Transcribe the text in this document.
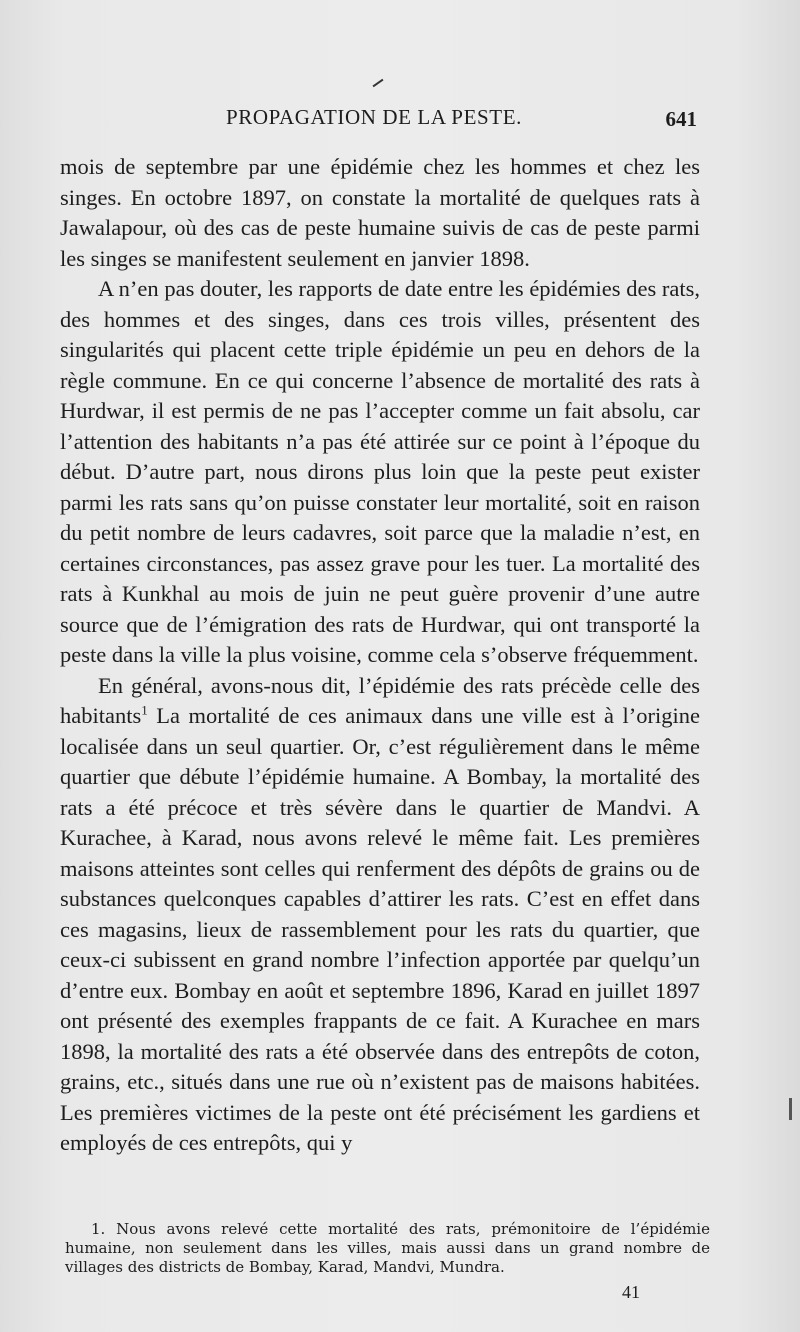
PROPAGATION DE LA PESTE.	641

mois de septembre par une épidémie chez les hommes et chez les singes. En octobre 1897, on constate la mortalité de quelques rats à Jawalapour, où des cas de peste humaine suivis de cas de peste parmi les singes se manifestent seulement en janvier 1898.

A n’en pas douter, les rapports de date entre les épidémies des rats, des hommes et des singes, dans ces trois villes, présentent des singularités qui placent cette triple épidémie un peu en dehors de la règle commune. En ce qui concerne l’absence de mortalité des rats à Hurdwar, il est permis de ne pas l’accepter comme un fait absolu, car l’attention des habitants n’a pas été attirée sur ce point à l’époque du début. D’autre part, nous dirons plus loin que la peste peut exister parmi les rats sans qu’on puisse constater leur mortalité, soit en raison du petit nombre de leurs cadavres, soit parce que la maladie n’est, en certaines circonstances, pas assez grave pour les tuer. La mortalité des rats à Kunkhal au mois de juin ne peut guère provenir d’une autre source que de l’émigration des rats de Hurdwar, qui ont transporté la peste dans la ville la plus voisine, comme cela s’observe fréquemment.

En général, avons-nous dit, l’épidémie des rats précède celle des habitants$^1$ La mortalité de ces animaux dans une ville est à l’origine localisée dans un seul quartier. Or, c’est régulièrement dans le même quartier que débute l’épidémie humaine. A Bombay, la mortalité des rats a été précoce et très sévère dans le quartier de Mandvi. A Kurachee, à Karad, nous avons relevé le même fait. Les premières maisons atteintes sont celles qui renferment des dépôts de grains ou de substances quelconques capables d’attirer les rats. C’est en effet dans ces magasins, lieux de rassemblement pour les rats du quartier, que ceux-ci subissent en grand nombre l’infection apportée par quelqu’un d’entre eux. Bombay en août et septembre 1896, Karad en juillet 1897 ont présenté des exemples frappants de ce fait. A Kurachee en mars 1898, la mortalité des rats a été observée dans des entrepôts de coton, grains, etc., situés dans une rue où n’existent pas de maisons habitées. Les premières victimes de la peste ont été précisément les gardiens et employés de ces entrepôts, qui y

1. Nous avons relevé cette mortalité des rats, prémonitoire de l’épidémie humaine, non seulement dans les villes, mais aussi dans un grand nombre de villages des districts de Bombay, Karad, Mandvi, Mundra.

41
